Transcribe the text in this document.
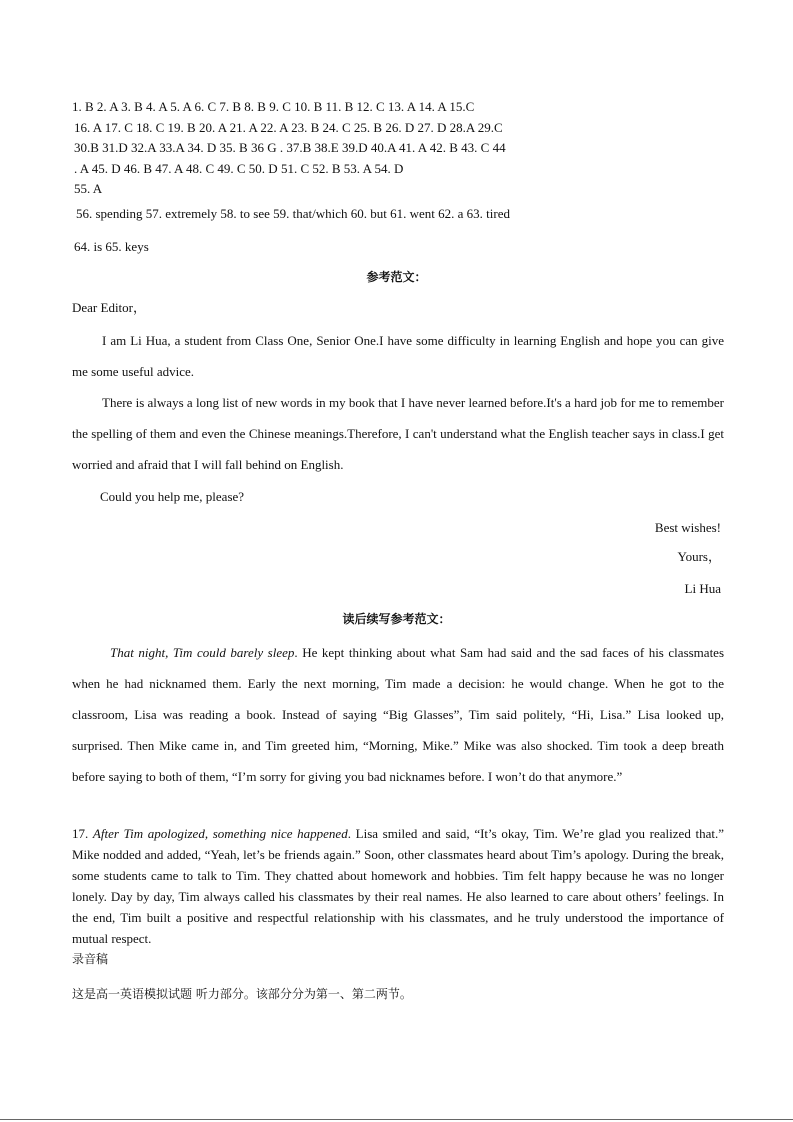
1. B 2. A 3. B 4. A 5. A 6. C 7. B 8. B 9. C 10. B 11. B 12. C 13. A 14. A 15.C
16. A 17. C 18. C 19. B 20. A 21. A 22. A 23. B 24. C 25. B 26. D 27. D 28.A 29.C
30.B 31.D 32.A 33.A 34. D 35. B 36 G . 37.B 38.E 39.D 40.A 41. A 42. B 43. C 44
. A 45. D 46. B 47. A 48. C 49. C 50. D 51. C 52. B 53. A 54. D
55. A
56. spending 57. extremely 58. to see 59. that/which 60. but 61. went 62. a 63. tired
64. is 65. keys
参考范文：
Dear Editor，
I am Li Hua, a student from Class One, Senior One.I have some difficulty in learning English and hope you can give me some useful advice.
There is always a long list of new words in my book that I have never learned before.It's a hard job for me to remember the spelling of them and even the Chinese meanings.Therefore, I can't understand what the English teacher says in class.I get worried and afraid that I will fall behind on English.
Could you help me, please?
Best wishes!
Yours，
Li Hua
读后续写参考范文：
That night, Tim could barely sleep. He kept thinking about what Sam had said and the sad faces of his classmates when he had nicknamed them. Early the next morning, Tim made a decision: he would change. When he got to the classroom, Lisa was reading a book. Instead of saying “Big Glasses”, Tim said politely, “Hi, Lisa.” Lisa looked up, surprised. Then Mike came in, and Tim greeted him, “Morning, Mike.” Mike was also shocked. Tim took a deep breath before saying to both of them, “I’m sorry for giving you bad nicknames before. I won’t do that anymore.”
17. After Tim apologized, something nice happened. Lisa smiled and said, “It’s okay, Tim. We’re glad you realized that.” Mike nodded and added, “Yeah, let’s be friends again.” Soon, other classmates heard about Tim’s apology. During the break, some students came to talk to Tim. They chatted about homework and hobbies. Tim felt happy because he was no longer lonely. Day by day, Tim always called his classmates by their real names. He also learned to care about others’ feelings. In the end, Tim built a positive and respectful relationship with his classmates, and he truly understood the importance of mutual respect.
录音稿
这是高一英语模拟试题 听力部分。该部分分为第一、第二两节。
